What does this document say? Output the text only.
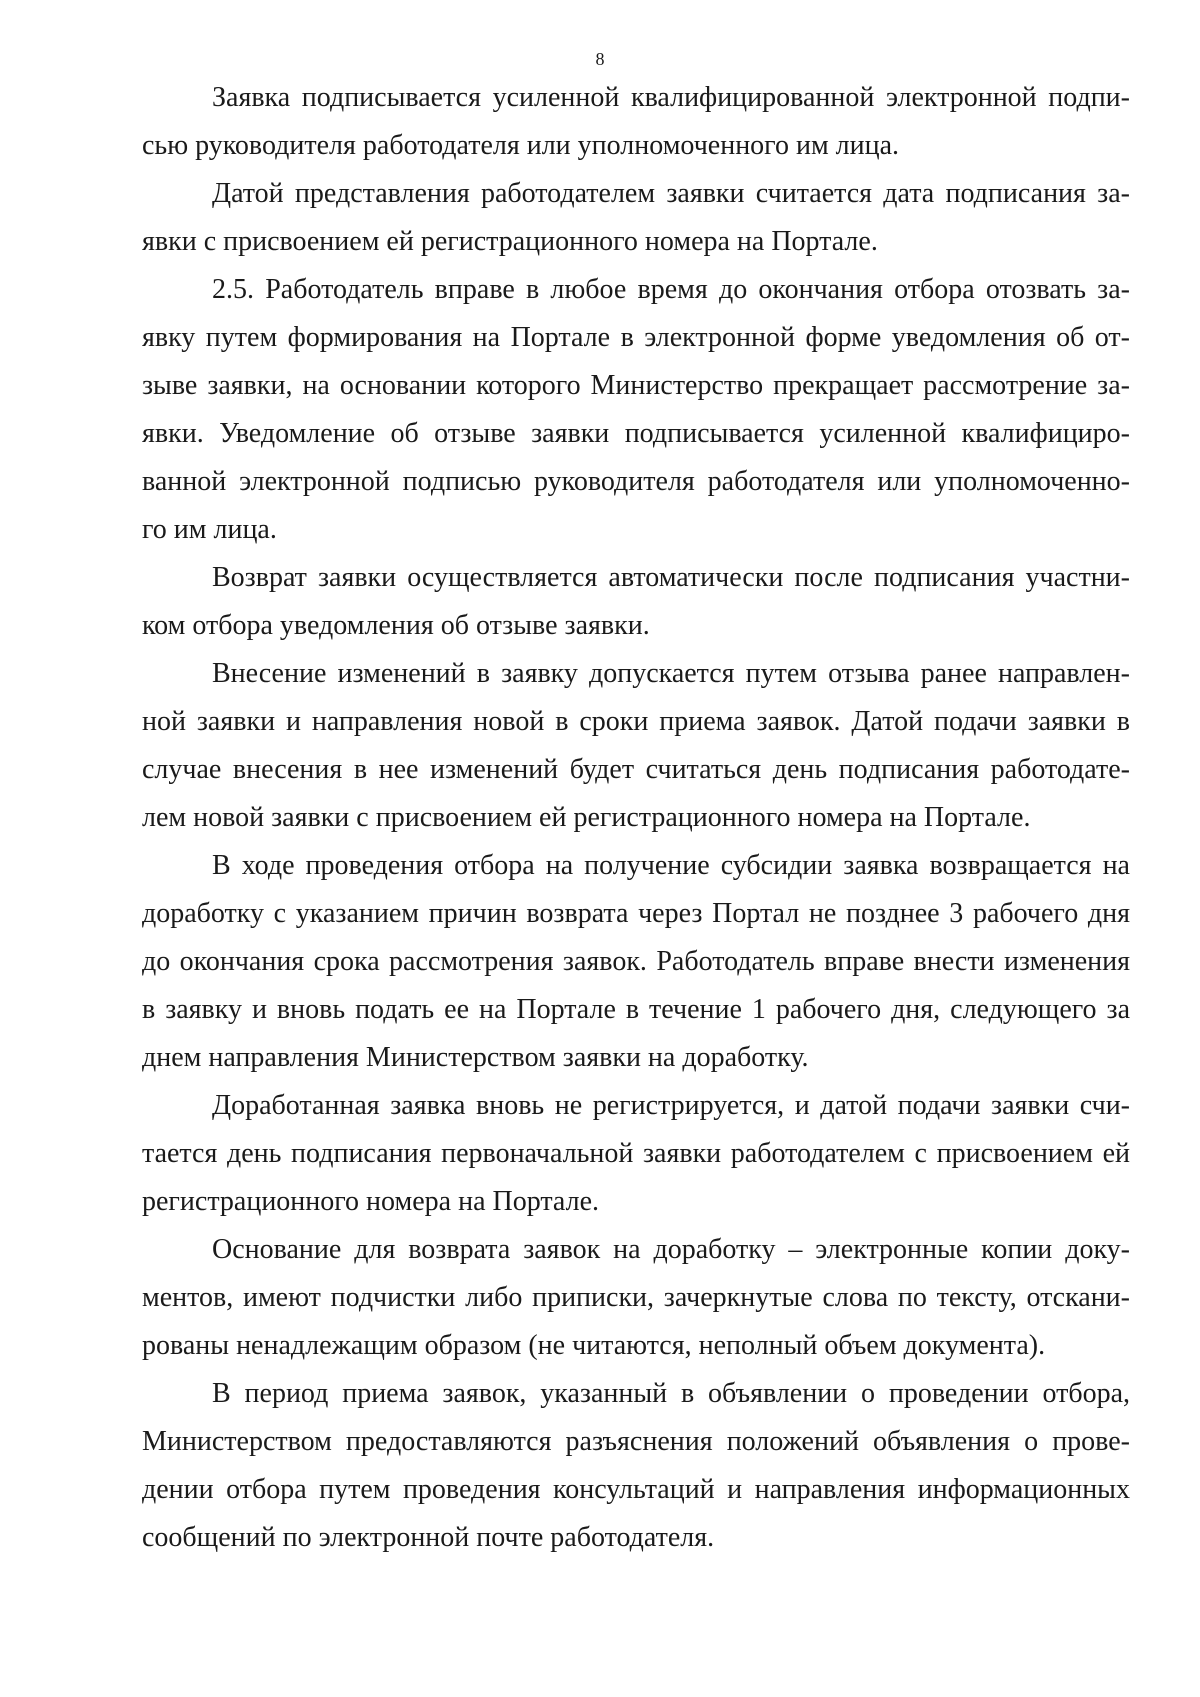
8

Заявка подписывается усиленной квалифицированной электронной подпи-
сью руководителя работодателя или уполномоченного им лица.

Датой представления работодателем заявки считается дата подписания за-
явки с присвоением ей регистрационного номера на Портале.

2.5. Работодатель вправе в любое время до окончания отбора отозвать за-
явку путем формирования на Портале в электронной форме уведомления об от-
зыве заявки, на основании которого Министерство прекращает рассмотрение за-
явки. Уведомление об отзыве заявки подписывается усиленной квалифициро-
ванной электронной подписью руководителя работодателя или уполномоченно-
го им лица.

Возврат заявки осуществляется автоматически после подписания участни-
ком отбора уведомления об отзыве заявки.

Внесение изменений в заявку допускается путем отзыва ранее направлен-
ной заявки и направления новой в сроки приема заявок. Датой подачи заявки в
случае внесения в нее изменений будет считаться день подписания работодате-
лем новой заявки с присвоением ей регистрационного номера на Портале.

В ходе проведения отбора на получение субсидии заявка возвращается на
доработку с указанием причин возврата через Портал не позднее 3 рабочего дня
до окончания срока рассмотрения заявок. Работодатель вправе внести изменения
в заявку и вновь подать ее на Портале в течение 1 рабочего дня, следующего за
днем направления Министерством заявки на доработку.

Доработанная заявка вновь не регистрируется, и датой подачи заявки счи-
тается день подписания первоначальной заявки работодателем с присвоением ей
регистрационного номера на Портале.

Основание для возврата заявок на доработку – электронные копии доку-
ментов, имеют подчистки либо приписки, зачеркнутые слова по тексту, отскани-
рованы ненадлежащим образом (не читаются, неполный объем документа).

В период приема заявок, указанный в объявлении о проведении отбора,
Министерством предоставляются разъяснения положений объявления о прове-
дении отбора путем проведения консультаций и направления информационных
сообщений по электронной почте работодателя.
